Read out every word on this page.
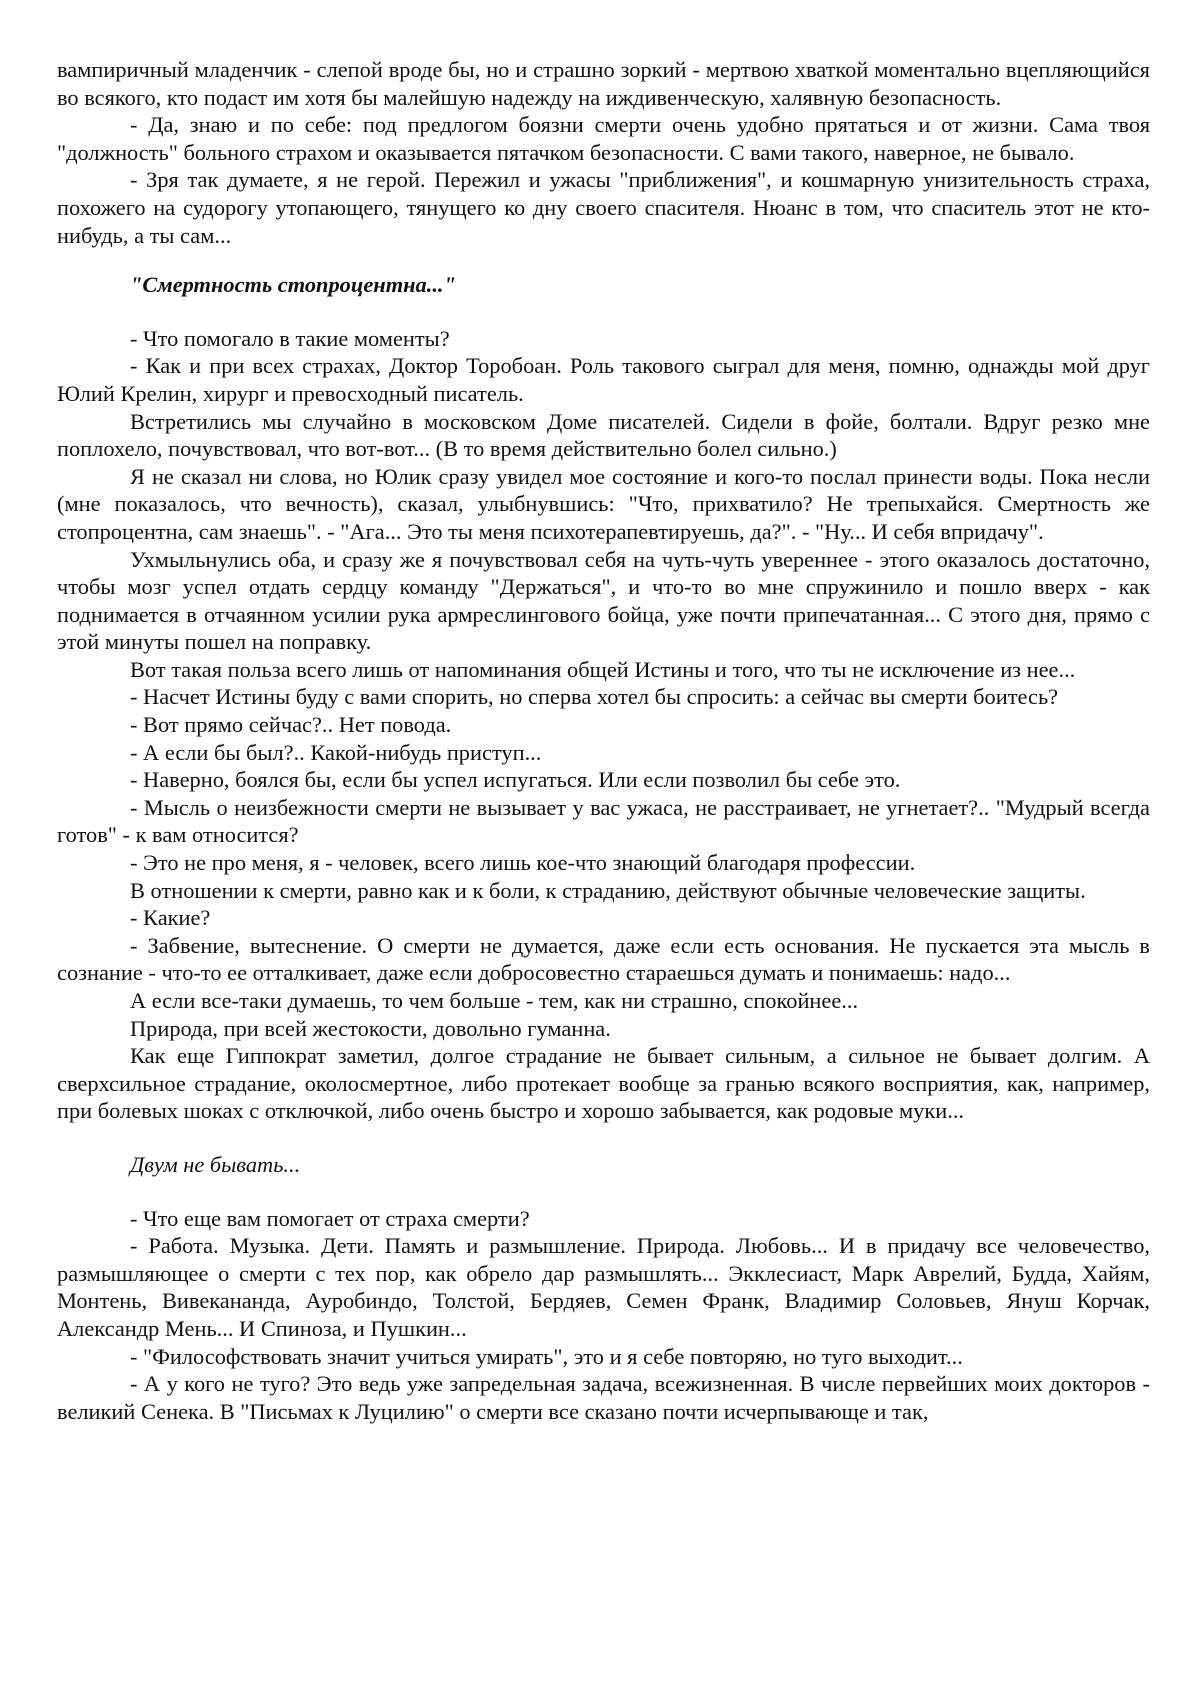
вампиричный младенчик - слепой вроде бы, но и страшно зоркий - мертвою хваткой моментально вцепляющийся во всякого, кто подаст им хотя бы малейшую надежду на иждивенческую, халявную безопасность.

- Да, знаю и по себе: под предлогом боязни смерти очень удобно прятаться и от жизни. Сама твоя "должность" больного страхом и оказывается пятачком безопасности. С вами такого, наверное, не бывало.

- Зря так думаете, я не герой. Пережил и ужасы "приближения", и кошмарную унизительность страха, похожего на судорогу утопающего, тянущего ко дну своего спасителя. Нюанс в том, что спаситель этот не кто-нибудь, а ты сам...

"Смертность стопроцентна..."

- Что помогало в такие моменты?

- Как и при всех страхах, Доктор Торобоан. Роль такового сыграл для меня, помню, однажды мой друг Юлий Крелин, хирург и превосходный писатель.

Встретились мы случайно в московском Доме писателей. Сидели в фойе, болтали. Вдруг резко мне поплохело, почувствовал, что вот-вот... (В то время действительно болел сильно.)

Я не сказал ни слова, но Юлик сразу увидел мое состояние и кого-то послал принести воды. Пока несли (мне показалось, что вечность), сказал, улыбнувшись: "Что, прихватило? Не трепыхайся. Смертность же стопроцентна, сам знаешь". - "Ага... Это ты меня психотерапевтируешь, да?". - "Ну... И себя впридачу".

Ухмыльнулись оба, и сразу же я почувствовал себя на чуть-чуть увереннее - этого оказалось достаточно, чтобы мозг успел отдать сердцу команду "Держаться", и что-то во мне спружинило и пошло вверх - как поднимается в отчаянном усилии рука армреслингового бойца, уже почти припечатанная... С этого дня, прямо с этой минуты пошел на поправку.

Вот такая польза всего лишь от напоминания общей Истины и того, что ты не исключение из нее...

- Насчет Истины буду с вами спорить, но сперва хотел бы спросить: а сейчас вы смерти боитесь?

- Вот прямо сейчас?.. Нет повода.

- А если бы был?.. Какой-нибудь приступ...

- Наверно, боялся бы, если бы успел испугаться. Или если позволил бы себе это.

- Мысль о неизбежности смерти не вызывает у вас ужаса, не расстраивает, не угнетает?.. "Мудрый всегда готов" - к вам относится?

- Это не про меня, я - человек, всего лишь кое-что знающий благодаря профессии.

В отношении к смерти, равно как и к боли, к страданию, действуют обычные человеческие защиты.

- Какие?

- Забвение, вытеснение. О смерти не думается, даже если есть основания. Не пускается эта мысль в сознание - что-то ее отталкивает, даже если добросовестно стараешься думать и понимаешь: надо...

А если все-таки думаешь, то чем больше - тем, как ни страшно, спокойнее...

Природа, при всей жестокости, довольно гуманна.

Как еще Гиппократ заметил, долгое страдание не бывает сильным, а сильное не бывает долгим. А сверхсильное страдание, околосмертное, либо протекает вообще за гранью всякого восприятия, как, например, при болевых шоках с отключкой, либо очень быстро и хорошо забывается, как родовые муки...

Двум не бывать...

- Что еще вам помогает от страха смерти?

- Работа. Музыка. Дети. Память и размышление. Природа. Любовь... И в придачу все человечество, размышляющее о смерти с тех пор, как обрело дар размышлять... Экклесиаст, Марк Аврелий, Будда, Хайям, Монтень, Вивекананда, Ауробиндо, Толстой, Бердяев, Семен Франк, Владимир Соловьев, Януш Корчак, Александр Мень... И Спиноза, и Пушкин...

- "Философствовать значит учиться умирать", это и я себе повторяю, но туго выходит...

- А у кого не туго? Это ведь уже запредельная задача, всежизненная. В числе первейших моих докторов - великий Сенека. В "Письмах к Луцилию" о смерти все сказано почти исчерпывающе и так,
